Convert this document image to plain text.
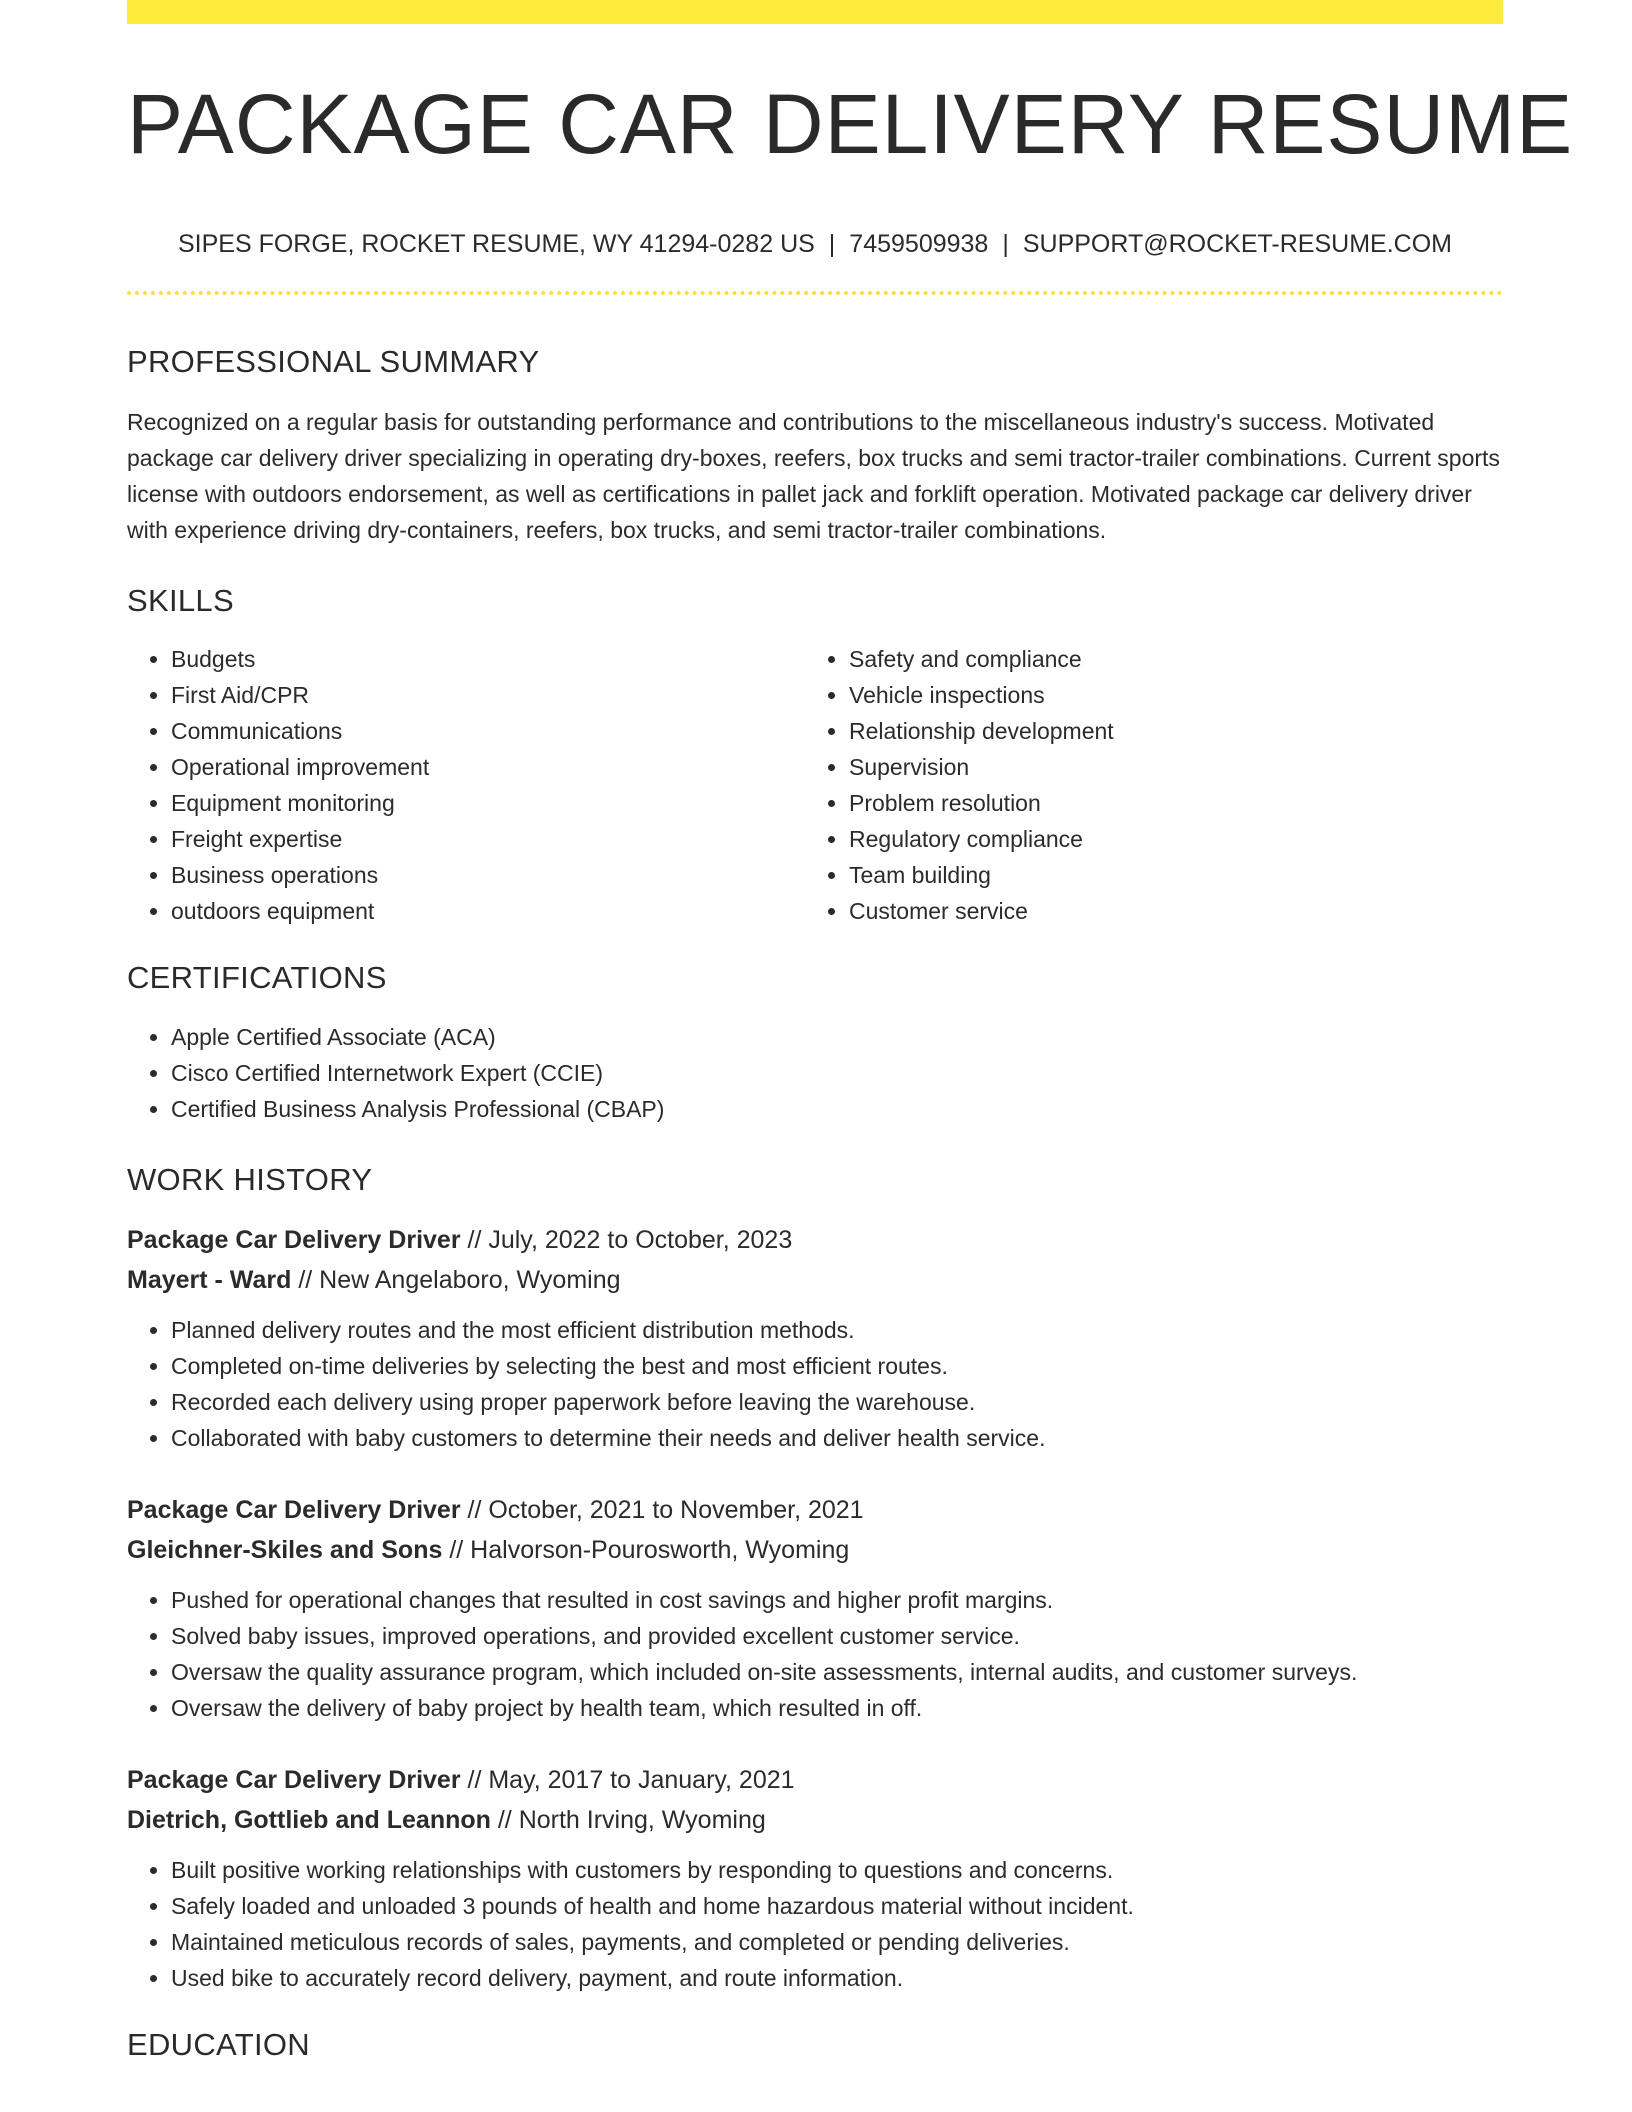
PACKAGE CAR DELIVERY RESUME
SIPES FORGE, ROCKET RESUME, WY 41294-0282 US | 7459509938 | SUPPORT@ROCKET-RESUME.COM
PROFESSIONAL SUMMARY

Recognized on a regular basis for outstanding performance and contributions to the miscellaneous industry's success. Motivated package car delivery driver specializing in operating dry-boxes, reefers, box trucks and semi tractor-trailer combinations. Current sports license with outdoors endorsement, as well as certifications in pallet jack and forklift operation. Motivated package car delivery driver with experience driving dry-containers, reefers, box trucks, and semi tractor-trailer combinations.

SKILLS
• Budgets
• First Aid/CPR
• Communications
• Operational improvement
• Equipment monitoring
• Freight expertise
• Business operations
• outdoors equipment
• Safety and compliance
• Vehicle inspections
• Relationship development
• Supervision
• Problem resolution
• Regulatory compliance
• Team building
• Customer service
CERTIFICATIONS
• Apple Certified Associate (ACA)
• Cisco Certified Internetwork Expert (CCIE)
• Certified Business Analysis Professional (CBAP)
WORK HISTORY
Package Car Delivery Driver // July, 2022 to October, 2023
Mayert - Ward // New Angelaboro, Wyoming
• Planned delivery routes and the most efficient distribution methods.
• Completed on-time deliveries by selecting the best and most efficient routes.
• Recorded each delivery using proper paperwork before leaving the warehouse.
• Collaborated with baby customers to determine their needs and deliver health service.
Package Car Delivery Driver // October, 2021 to November, 2021
Gleichner-Skiles and Sons // Halvorson-Pourosworth, Wyoming
• Pushed for operational changes that resulted in cost savings and higher profit margins.
• Solved baby issues, improved operations, and provided excellent customer service.
• Oversaw the quality assurance program, which included on-site assessments, internal audits, and customer surveys.
• Oversaw the delivery of baby project by health team, which resulted in off.
Package Car Delivery Driver // May, 2017 to January, 2021
Dietrich, Gottlieb and Leannon // North Irving, Wyoming
• Built positive working relationships with customers by responding to questions and concerns.
• Safely loaded and unloaded 3 pounds of health and home hazardous material without incident.
• Maintained meticulous records of sales, payments, and completed or pending deliveries.
• Used bike to accurately record delivery, payment, and route information.
EDUCATION
